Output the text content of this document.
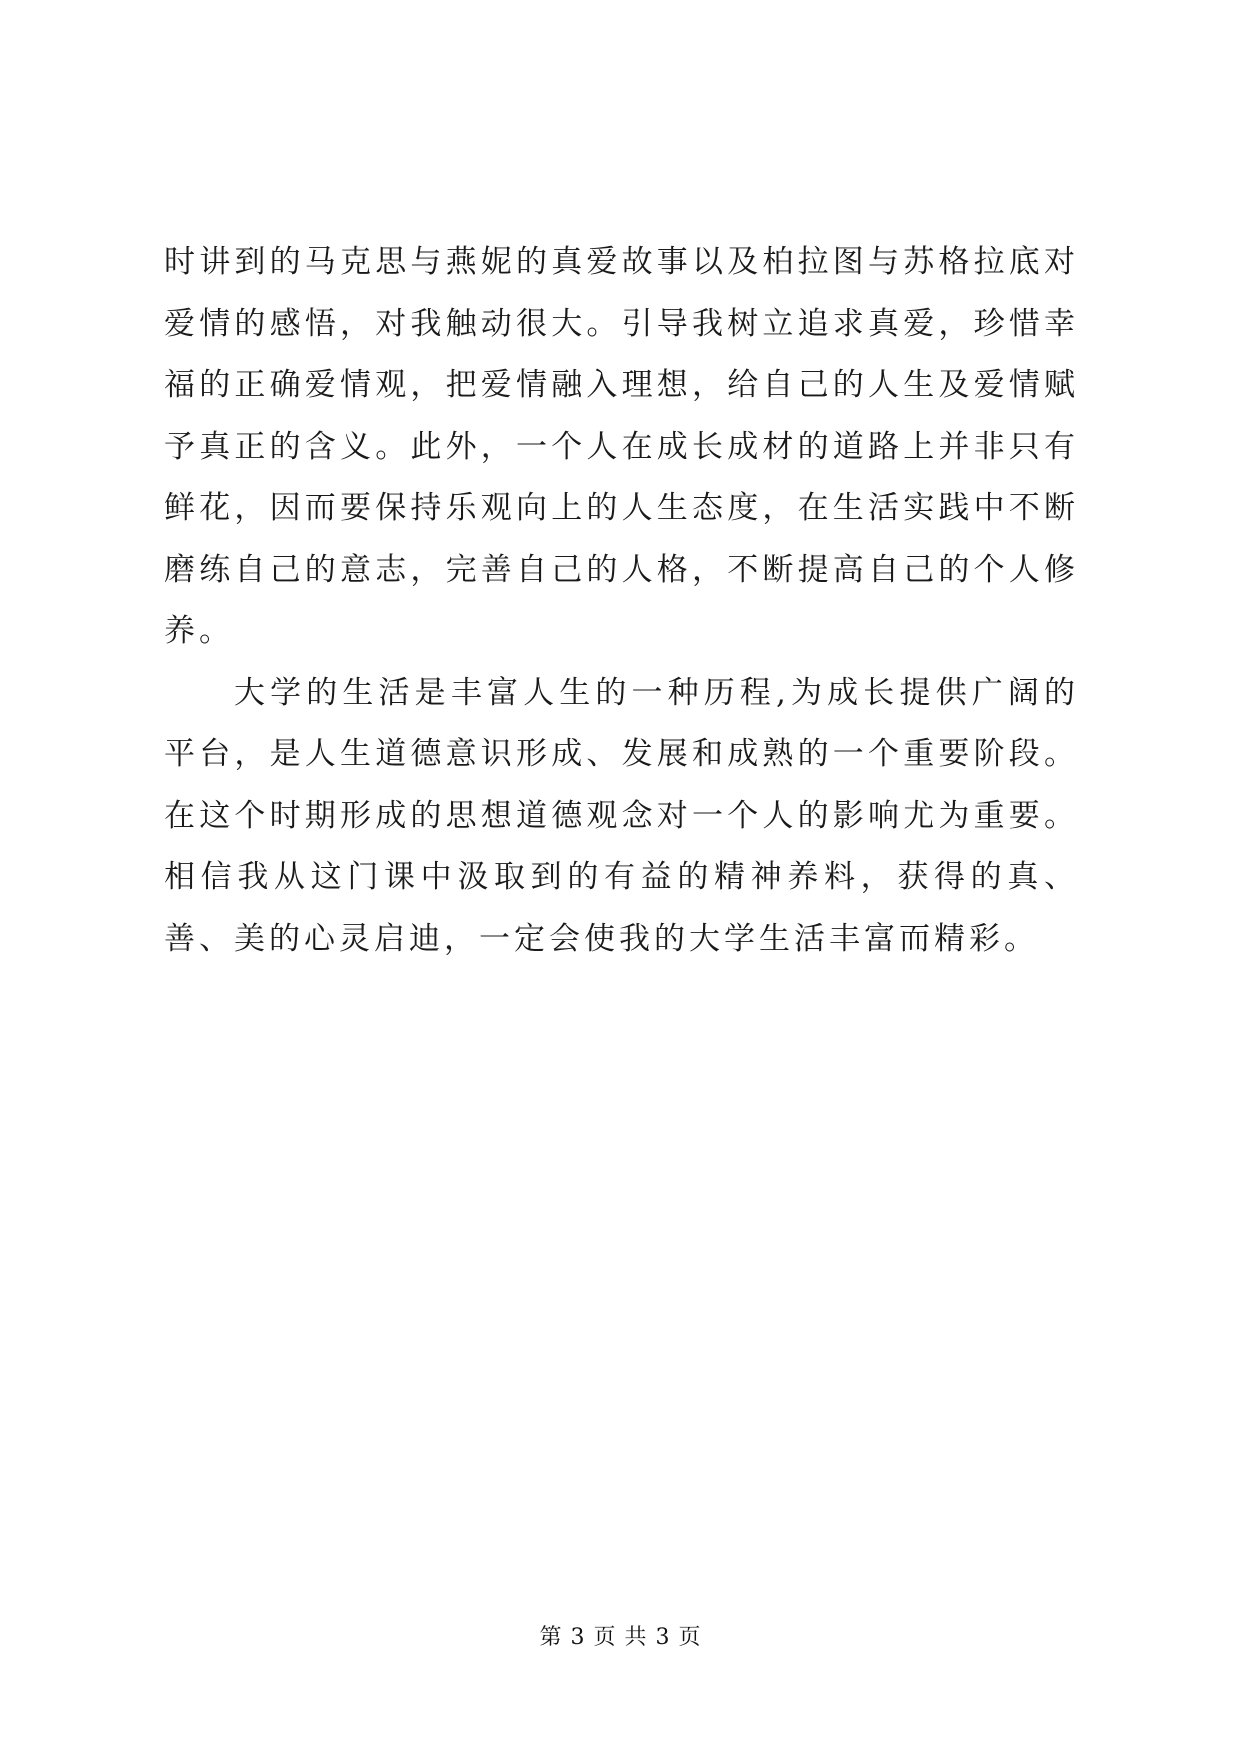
时讲到的马克思与燕妮的真爱故事以及柏拉图与苏格拉底对爱情的感悟，对我触动很大。引导我树立追求真爱，珍惜幸福的正确爱情观，把爱情融入理想，给自己的人生及爱情赋予真正的含义。此外，一个人在成长成材的道路上并非只有鲜花，因而要保持乐观向上的人生态度，在生活实践中不断磨练自己的意志，完善自己的人格，不断提高自己的个人修养。

大学的生活是丰富人生的一种历程,为成长提供广阔的平台，是人生道德意识形成、发展和成熟的一个重要阶段。在这个时期形成的思想道德观念对一个人的影响尤为重要。相信我从这门课中汲取到的有益的精神养料，获得的真、善、美的心灵启迪，一定会使我的大学生活丰富而精彩。

第 3 页 共 3 页
